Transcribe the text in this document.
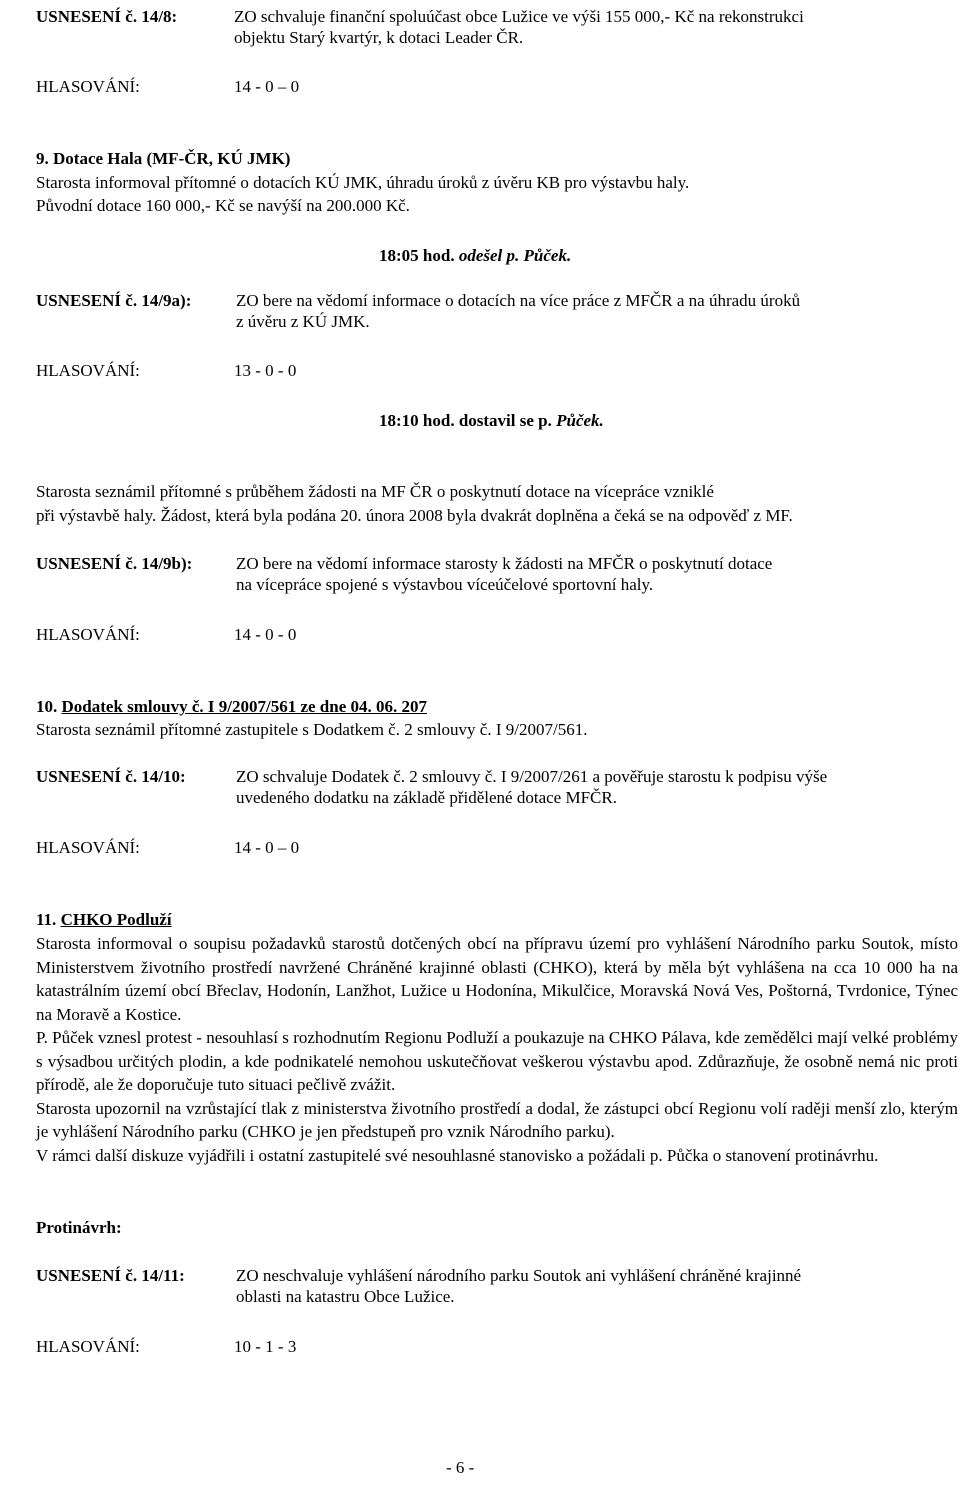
USNESENÍ č. 14/8:	ZO schvaluje finanční spoluúčast obce Lužice ve výši 155 000,- Kč na rekonstrukci
objektu Starý kvartýr, k dotaci Leader ČR.
HLASOVÁNÍ:	14 - 0 – 0
9. Dotace Hala (MF-ČR, KÚ JMK)
Starosta informoval přítomné o dotacích KÚ JMK, úhradu úroků z úvěru KB pro výstavbu haly.
Původní dotace 160 000,- Kč se navýší na 200.000 Kč.
18:05 hod. odešel p. Půček.
USNESENÍ č. 14/9a):	ZO bere na vědomí informace o dotacích na více práce z MFČR a na úhradu úroků
z úvěru z KÚ JMK.
HLASOVÁNÍ:	13 - 0 - 0
18:10 hod. dostavil se p. Půček.
Starosta seznámil přítomné s průběhem žádosti na MF ČR o poskytnutí dotace na vícepráce vzniklé
při výstavbě haly. Žádost, která byla podána 20. února 2008 byla dvakrát doplněna a čeká se na odpověď z MF.
USNESENÍ č. 14/9b):	ZO bere na vědomí informace starosty k žádosti na MFČR o poskytnutí dotace
na vícepráce spojené s výstavbou víceúčelové sportovní haly.
HLASOVÁNÍ:	14 - 0 - 0
10. Dodatek smlouvy č. I 9/2007/561 ze dne 04. 06. 207
Starosta seznámil přítomné zastupitele s Dodatkem č. 2 smlouvy č. I 9/2007/561.
USNESENÍ č. 14/10:	ZO schvaluje Dodatek č. 2 smlouvy č. I 9/2007/261 a pověřuje starostu k podpisu výše
uvedeného dodatku na základě přidělené dotace MFČR.
HLASOVÁNÍ:	14 - 0 – 0
11. CHKO Podluží

Starosta informoval o soupisu požadavků starostů dotčených obcí na přípravu území pro vyhlášení Národního parku Soutok, místo Ministerstvem životního prostředí navržené Chráněné krajinné oblasti (CHKO), která by měla být vyhlášena na cca 10 000 ha na katastrálním území obcí Břeclav, Hodonín, Lanžhot, Lužice u Hodonína, Mikulčice, Moravská Nová Ves, Poštorná, Tvrdonice, Týnec na Moravě a Kostice.

P. Půček vznesl protest - nesouhlasí s rozhodnutím Regionu Podluží a poukazuje na CHKO Pálava, kde zemědělci mají velké problémy s výsadbou určitých plodin, a kde podnikatelé nemohou uskutečňovat veškerou výstavbu apod. Zdůrazňuje, že osobně nemá nic proti přírodě, ale že doporučuje tuto situaci pečlivě zvážit.

Starosta upozornil na vzrůstající tlak z ministerstva životního prostředí a dodal, že zástupci obcí Regionu volí raději menší zlo, kterým je vyhlášení Národního parku (CHKO je jen předstupeň pro vznik Národního parku).

V rámci další diskuze vyjádřili i ostatní zastupitelé své nesouhlasné stanovisko a požádali p. Půčka o stanovení protinávrhu.

Protinávrh:
USNESENÍ č. 14/11:	ZO neschvaluje vyhlášení národního parku Soutok ani vyhlášení chráněné krajinné
oblasti na katastru Obce Lužice.
HLASOVÁNÍ:	10 - 1 - 3
- 6 -
